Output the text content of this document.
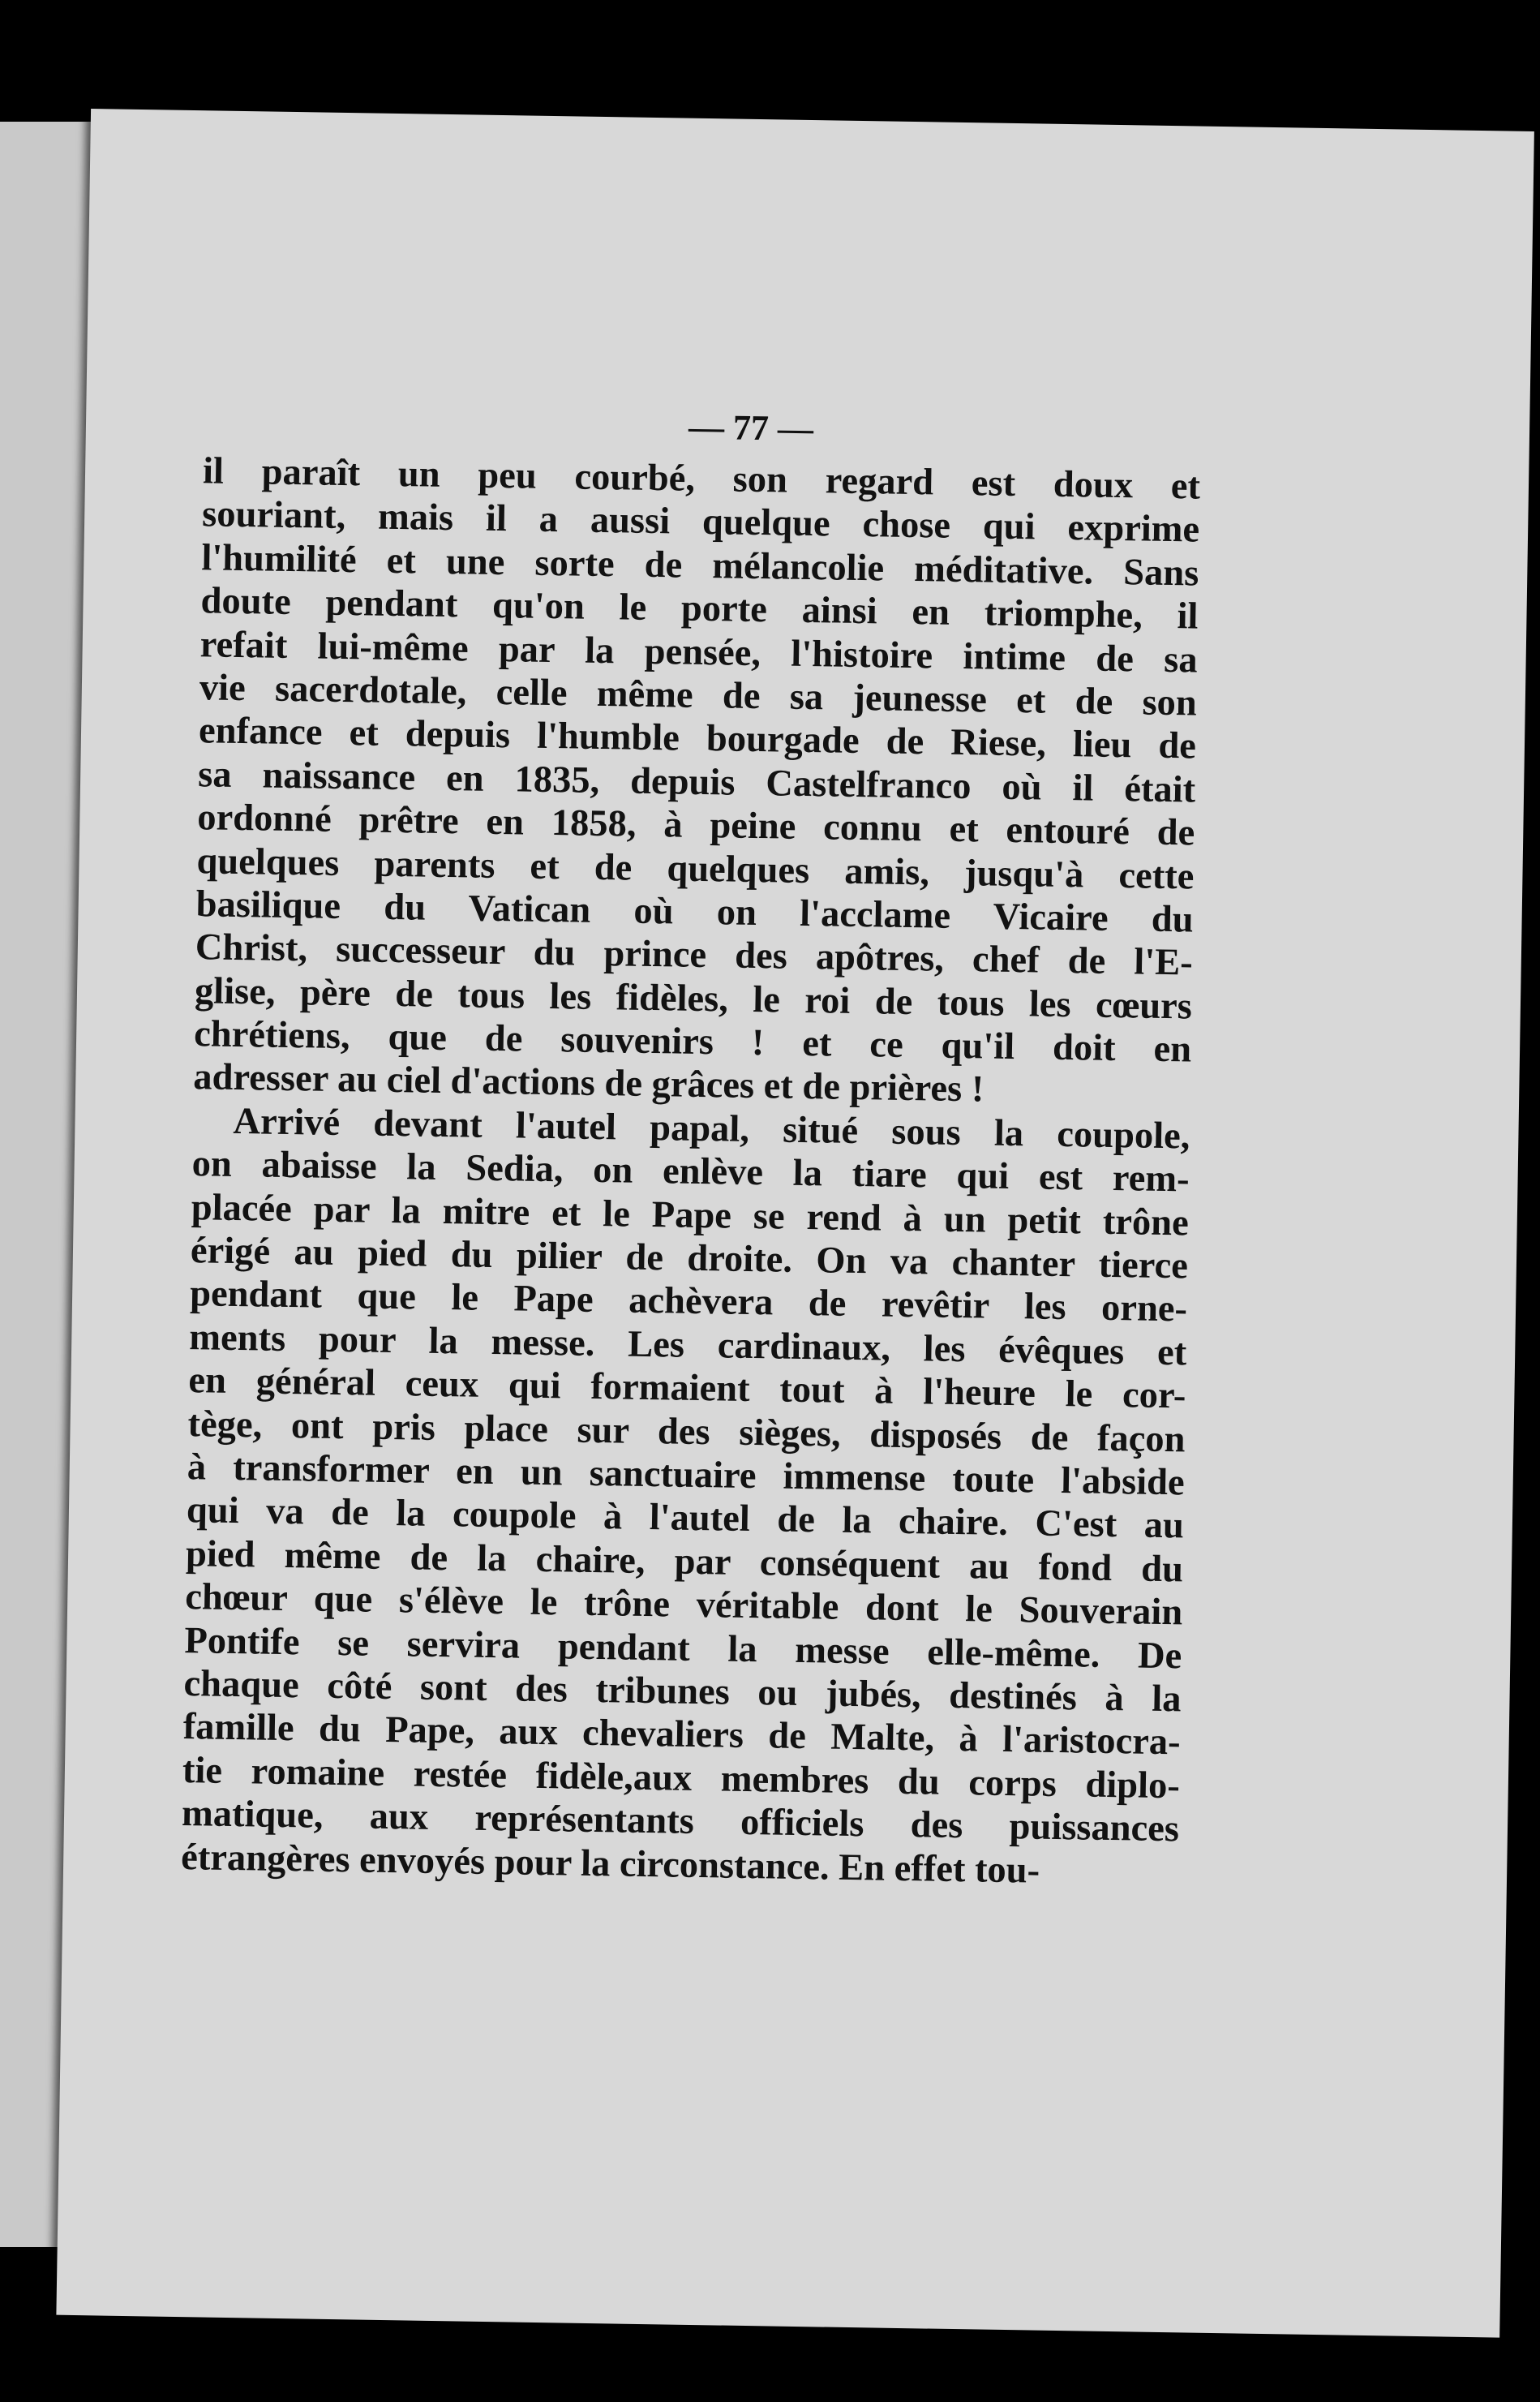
— 77 —
il paraît un peu courbé, son regard est doux et
souriant, mais il a aussi quelque chose qui exprime
l'humilité et une sorte de mélancolie méditative. Sans
doute pendant qu'on le porte ainsi en triomphe, il
refait lui-même par la pensée, l'histoire intime de sa
vie sacerdotale, celle même de sa jeunesse et de son
enfance et depuis l'humble bourgade de Riese, lieu de
sa naissance en 1835, depuis Castelfranco où il était
ordonné prêtre en 1858, à peine connu et entouré de
quelques parents et de quelques amis, jusqu'à cette
basilique du Vatican où on l'acclame Vicaire du
Christ, successeur du prince des apôtres, chef de l'E-
glise, père de tous les fidèles, le roi de tous les cœurs
chrétiens, que de souvenirs ! et ce qu'il doit en
adresser au ciel d'actions de grâces et de prières !
Arrivé devant l'autel papal, situé sous la coupole,
on abaisse la Sedia, on enlève la tiare qui est rem-
placée par la mitre et le Pape se rend à un petit trône
érigé au pied du pilier de droite. On va chanter tierce
pendant que le Pape achèvera de revêtir les orne-
ments pour la messe. Les cardinaux, les évêques et
en général ceux qui formaient tout à l'heure le cor-
tège, ont pris place sur des sièges, disposés de façon
à transformer en un sanctuaire immense toute l'abside
qui va de la coupole à l'autel de la chaire. C'est au
pied même de la chaire, par conséquent au fond du
chœur que s'élève le trône véritable dont le Souverain
Pontife se servira pendant la messe elle-même. De
chaque côté sont des tribunes ou jubés, destinés à la
famille du Pape, aux chevaliers de Malte, à l'aristocra-
tie romaine restée fidèle,aux membres du corps diplo-
matique, aux représentants officiels des puissances
étrangères envoyés pour la circonstance. En effet tou-
